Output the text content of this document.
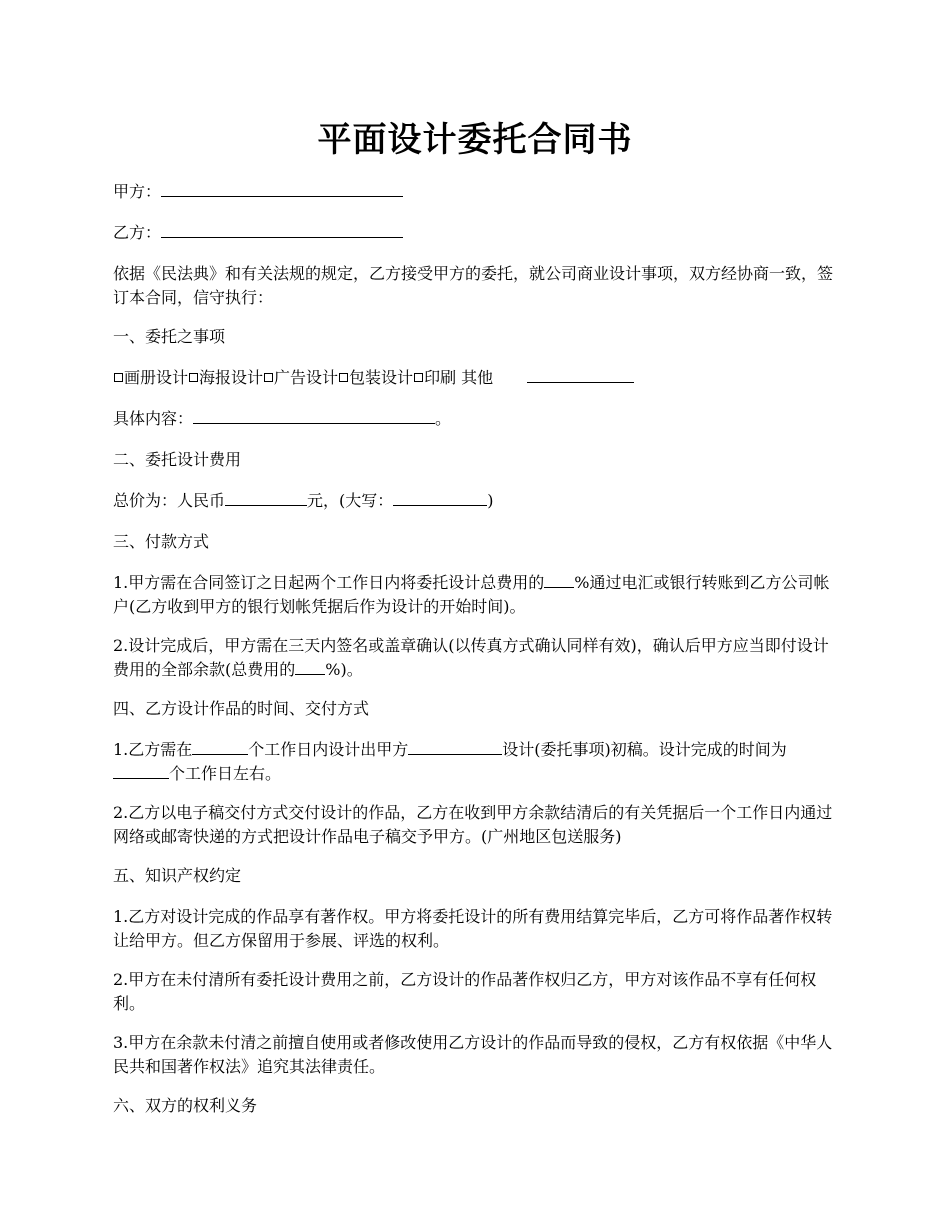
平面设计委托合同书

甲方：

乙方：

依据《民法典》和有关法规的规定，乙方接受甲方的委托，就公司商业设计事项，双方经协商一致，签订本合同，信守执行：

一、委托之事项

画册设计 海报设计 广告设计 包装设计 印刷 其他

具体内容：	。

二、委托设计费用

总价为：人民币	元，(大写：	)

三、付款方式

1.甲方需在合同签订之日起两个工作日内将委托设计总费用的 %通过电汇或银行转账到乙方公司帐户(乙方收到甲方的银行划帐凭据后作为设计的开始时间)。

2.设计完成后，甲方需在三天内签名或盖章确认(以传真方式确认同样有效)，确认后甲方应当即付设计费用的全部余款(总费用的 %)。

四、乙方设计作品的时间、交付方式

1.乙方需在	个工作日内设计出甲方	设计(委托事项)初稿。设计完成的时间为个工作日左右。

2.乙方以电子稿交付方式交付设计的作品，乙方在收到甲方余款结清后的有关凭据后一个工作日内通过网络或邮寄快递的方式把设计作品电子稿交予甲方。(广州地区包送服务)

五、知识产权约定

1.乙方对设计完成的作品享有著作权。甲方将委托设计的所有费用结算完毕后，乙方可将作品著作权转让给甲方。但乙方保留用于参展、评选的权利。

2.甲方在未付清所有委托设计费用之前，乙方设计的作品著作权归乙方，甲方对该作品不享有任何权利。

3.甲方在余款未付清之前擅自使用或者修改使用乙方设计的作品而导致的侵权，乙方有权依据《中华人民共和国著作权法》追究其法律责任。

六、双方的权利义务
